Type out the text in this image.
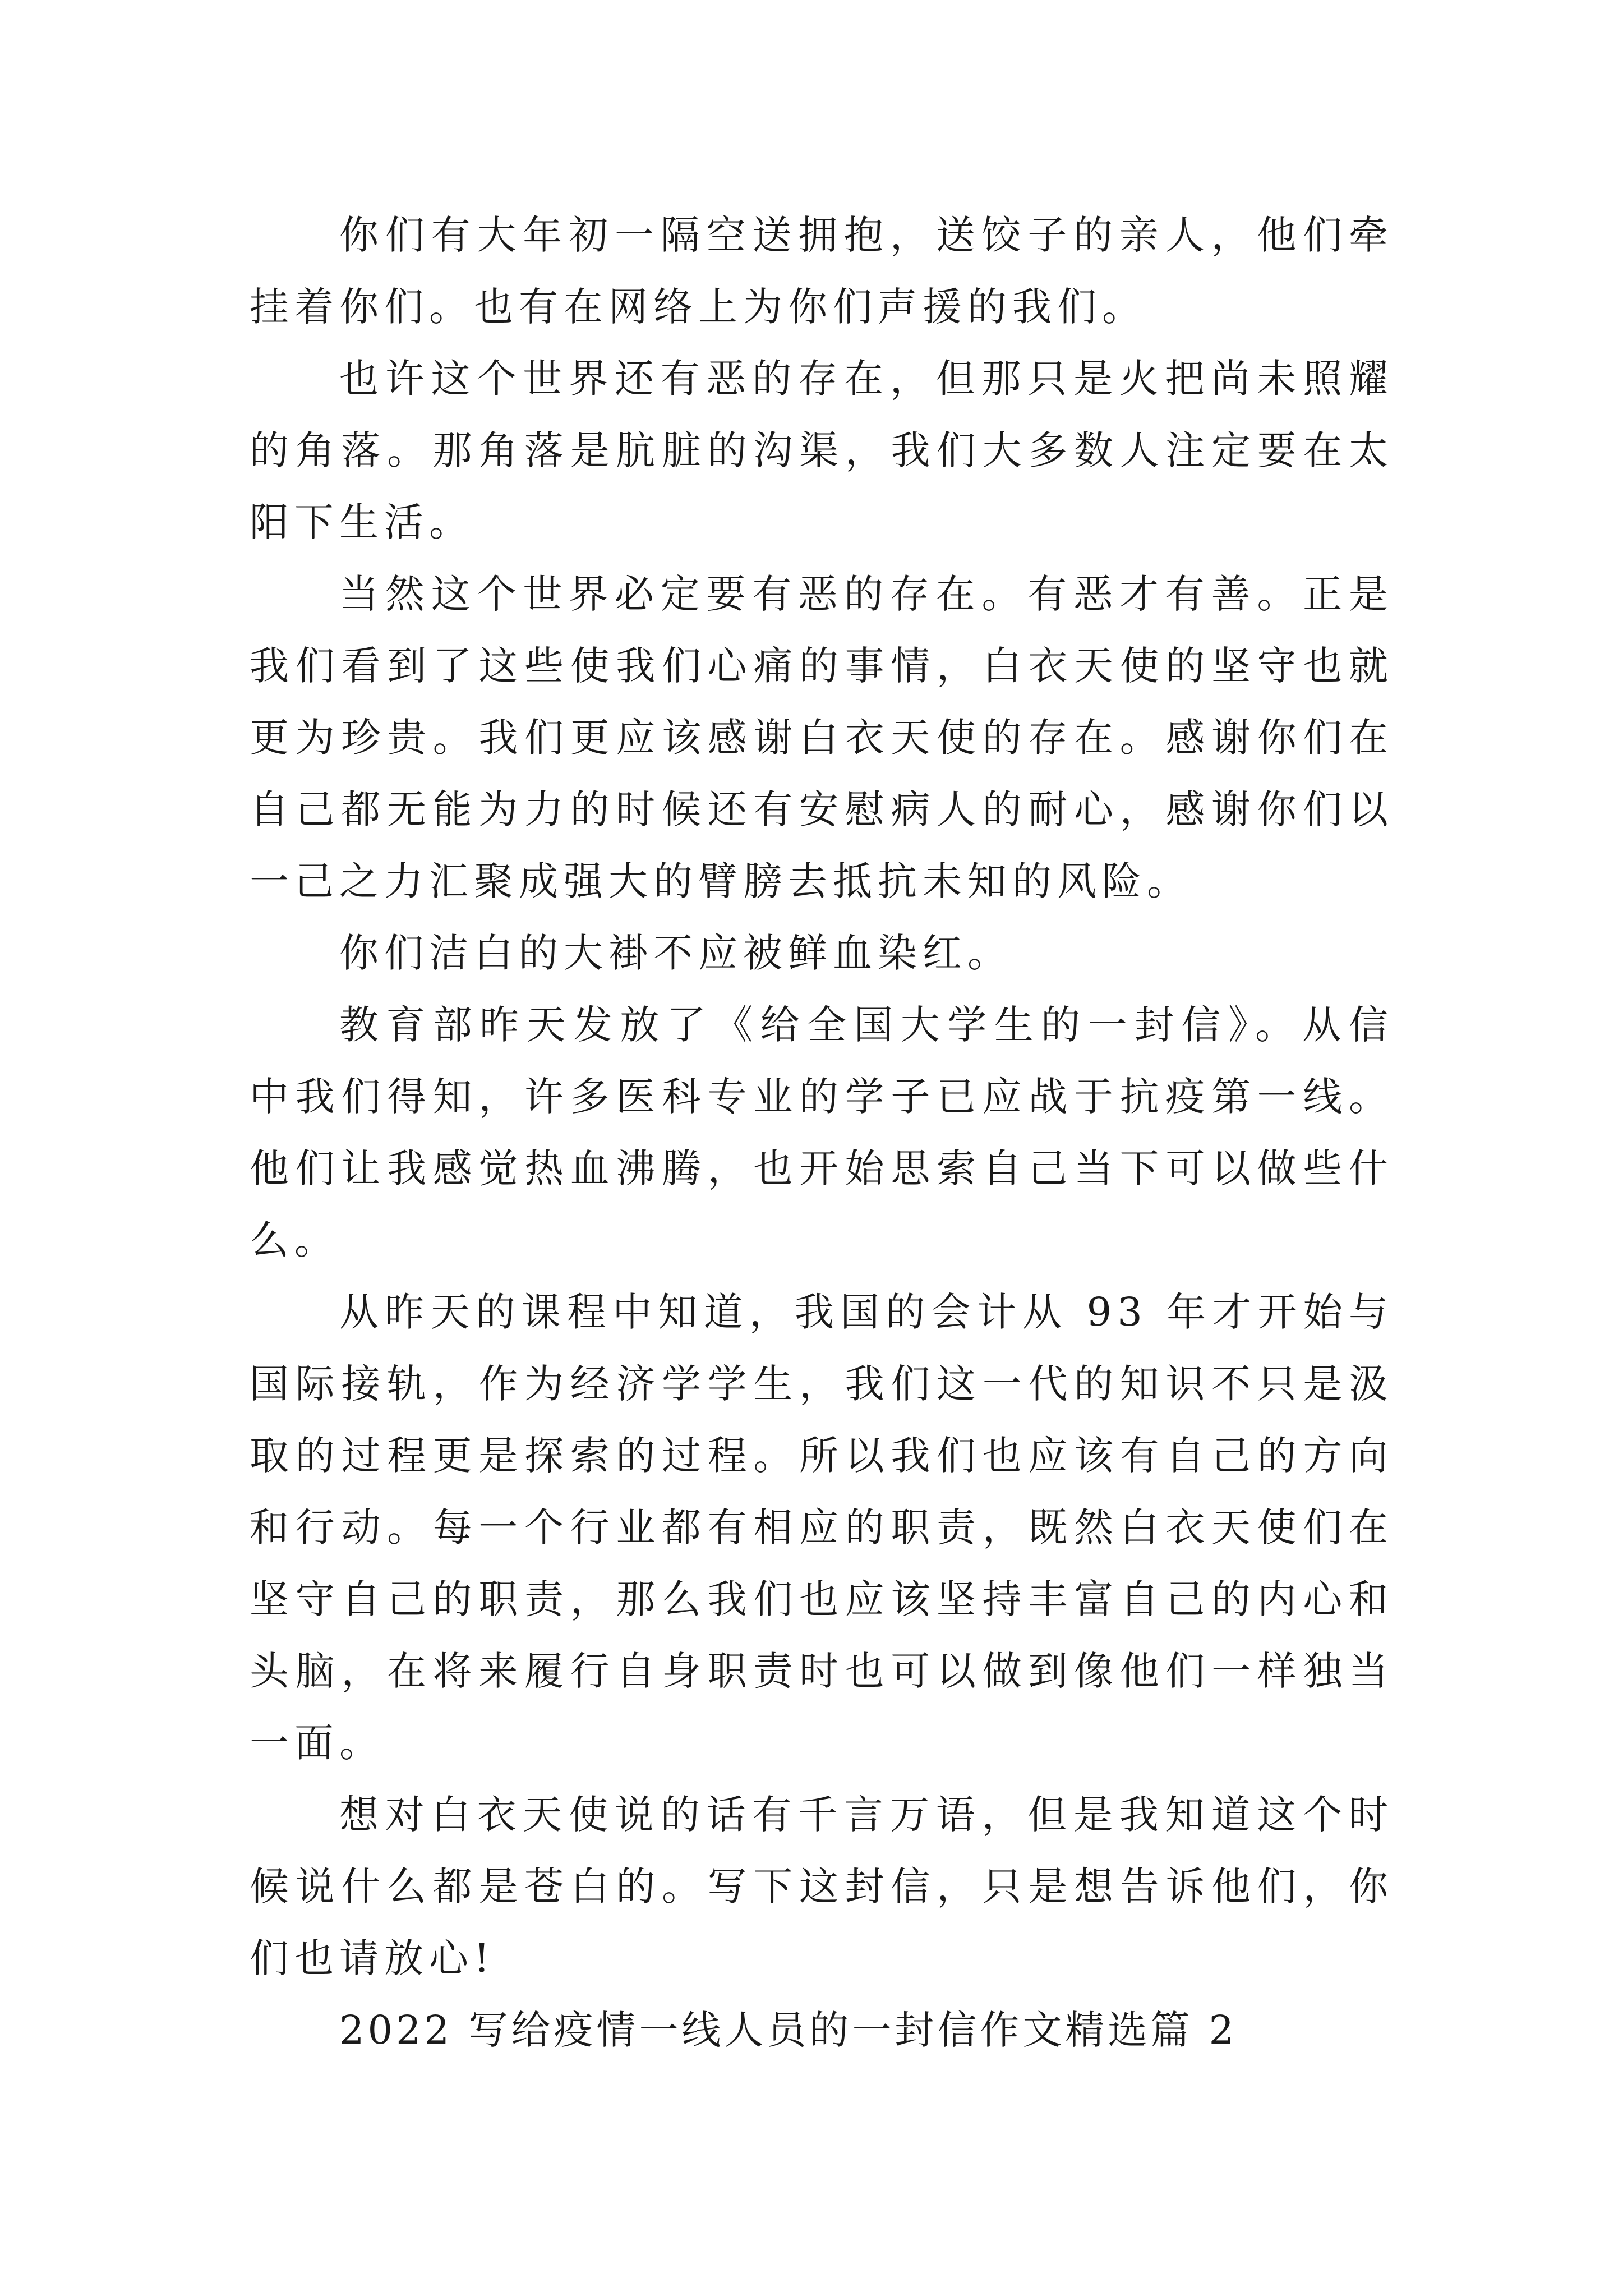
你们有大年初一隔空送拥抱，送饺子的亲人，他们牵挂着你们。也有在网络上为你们声援的我们。

也许这个世界还有恶的存在，但那只是火把尚未照耀的角落。那角落是肮脏的沟渠，我们大多数人注定要在太阳下生活。

当然这个世界必定要有恶的存在。有恶才有善。正是我们看到了这些使我们心痛的事情，白衣天使的坚守也就更为珍贵。我们更应该感谢白衣天使的存在。感谢你们在自己都无能为力的时候还有安慰病人的耐心，感谢你们以一己之力汇聚成强大的臂膀去抵抗未知的风险。

你们洁白的大褂不应被鲜血染红。

教育部昨天发放了《给全国大学生的一封信》。从信中我们得知，许多医科专业的学子已应战于抗疫第一线。他们让我感觉热血沸腾，也开始思索自己当下可以做些什么。

从昨天的课程中知道，我国的会计从 93 年才开始与国际接轨，作为经济学学生，我们这一代的知识不只是汲取的过程更是探索的过程。所以我们也应该有自己的方向和行动。每一个行业都有相应的职责，既然白衣天使们在坚守自己的职责，那么我们也应该坚持丰富自己的内心和头脑，在将来履行自身职责时也可以做到像他们一样独当一面。

想对白衣天使说的话有千言万语，但是我知道这个时候说什么都是苍白的。写下这封信，只是想告诉他们，你们也请放心!

2022 写给疫情一线人员的一封信作文精选篇 2
